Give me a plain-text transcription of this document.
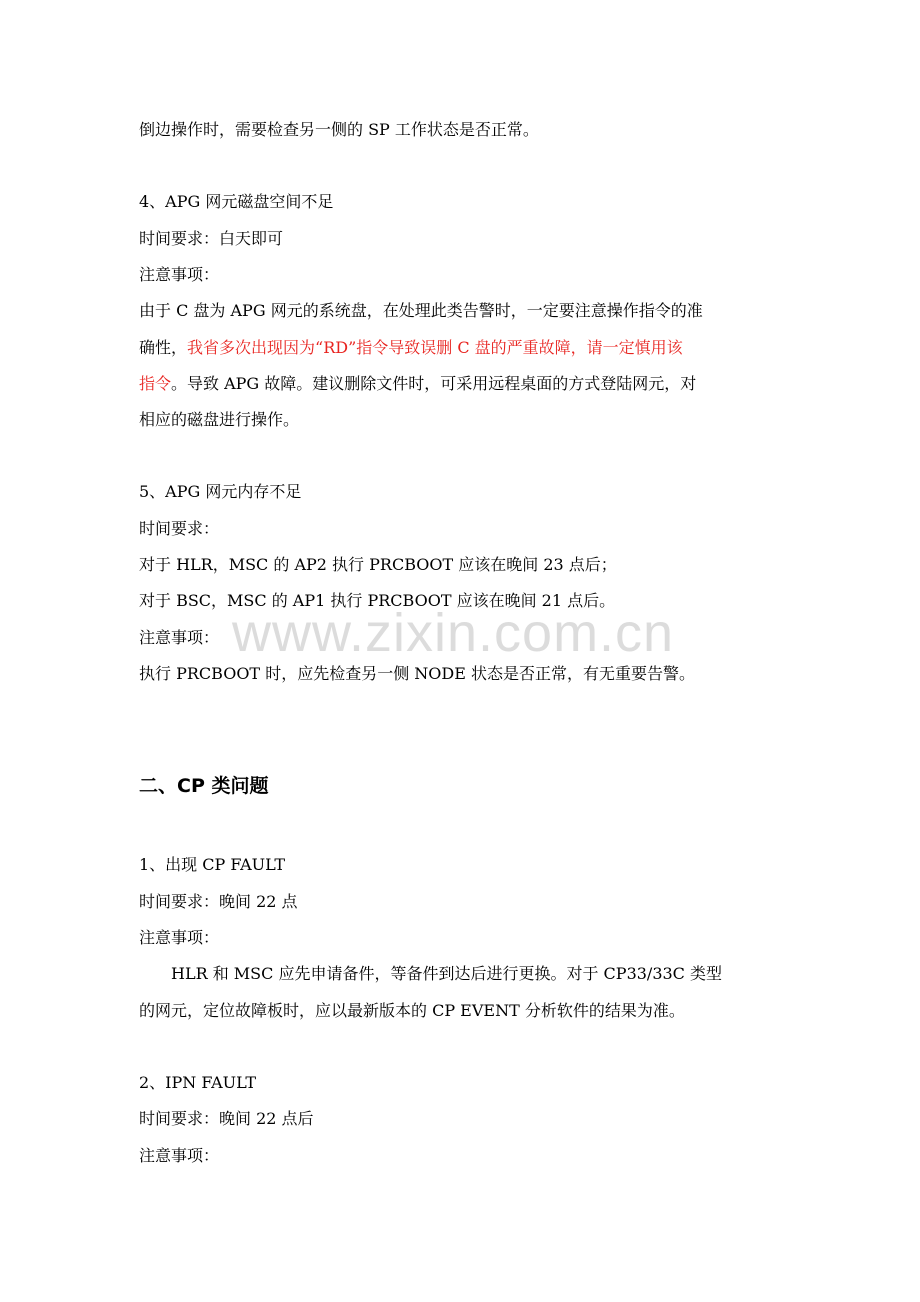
www.zixin.com.cn
倒边操作时，需要检查另一侧的 SP 工作状态是否正常。
4、APG 网元磁盘空间不足
时间要求：白天即可
注意事项：
由于 C 盘为 APG 网元的系统盘，在处理此类告警时，一定要注意操作指令的准
确性，我省多次出现因为“RD”指令导致误删 C 盘的严重故障，请一定慎用该
指令。导致 APG 故障。建议删除文件时，可采用远程桌面的方式登陆网元，对
相应的磁盘进行操作。
5、APG 网元内存不足
时间要求：
对于 HLR，MSC 的 AP2 执行 PRCBOOT 应该在晚间 23 点后；
对于 BSC，MSC 的 AP1 执行 PRCBOOT 应该在晚间 21 点后。
注意事项：
执行 PRCBOOT 时，应先检查另一侧 NODE 状态是否正常，有无重要告警。
二、CP 类问题
1、出现 CP FAULT
时间要求：晚间 22 点
注意事项：
HLR 和 MSC 应先申请备件，等备件到达后进行更换。对于 CP33/33C 类型
的网元，定位故障板时，应以最新版本的 CP EVENT 分析软件的结果为准。
2、IPN FAULT
时间要求：晚间 22 点后
注意事项：
